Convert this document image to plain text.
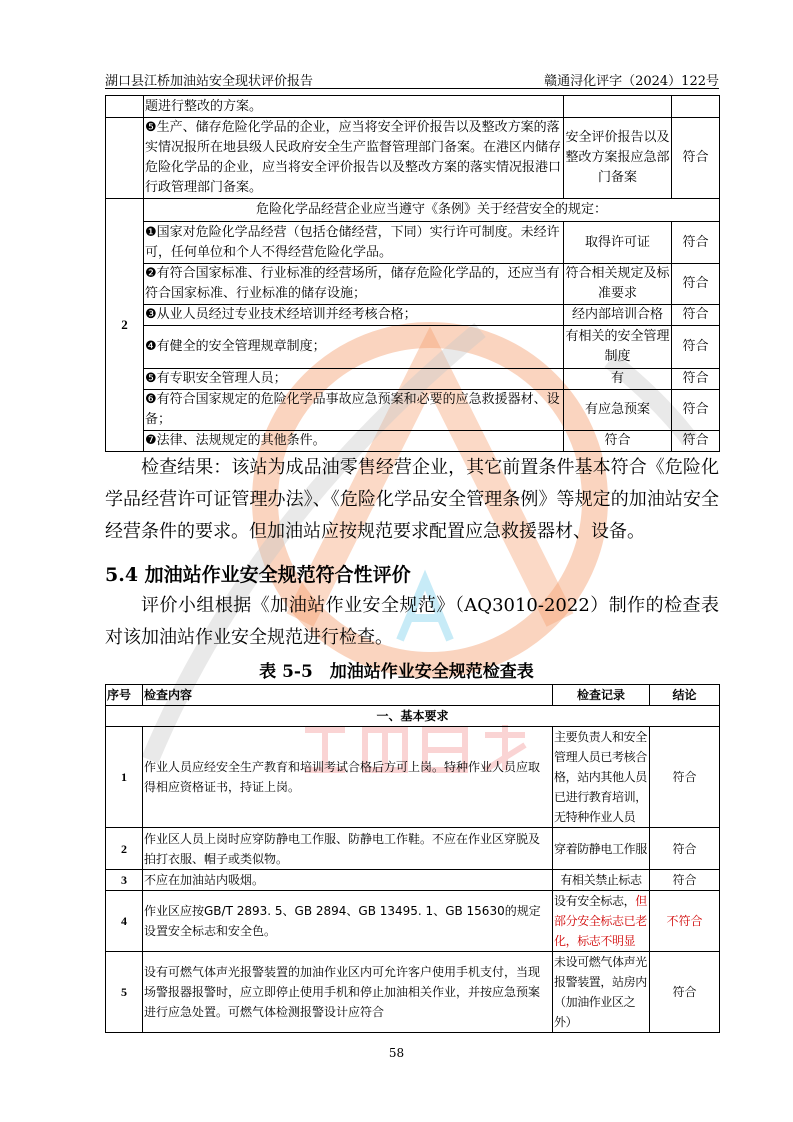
湖口县江桥加油站安全现状评价报告	赣通浔化评字（2024）122号
	题进行整改的方案。		
	❺生产、储存危险化学品的企业，应当将安全评价报告以及整改方案的落实情况报所在地县级人民政府安全生产监督管理部门备案。在港区内储存危险化学品的企业，应当将安全评价报告以及整改方案的落实情况报港口行政管理部门备案。	安全评价报告以及整改方案报应急部门备案	符合
2	危险化学品经营企业应当遵守《条例》关于经营安全的规定：		
	❶国家对危险化学品经营（包括仓储经营，下同）实行许可制度。未经许可，任何单位和个人不得经营危险化学品。	取得许可证	符合
	❷有符合国家标准、行业标准的经营场所，储存危险化学品的，还应当有符合国家标准、行业标准的储存设施；	符合相关规定及标准要求	符合
	❸从业人员经过专业技术经培训并经考核合格；	经内部培训合格	符合
	❹有健全的安全管理规章制度；	有相关的安全管理制度	符合
	❺有专职安全管理人员；	有	符合
	❻有符合国家规定的危险化学品事故应急预案和必要的应急救援器材、设备；	有应急预案	符合
	❼法律、法规规定的其他条件。	符合	符合
检查结果：该站为成品油零售经营企业，其它前置条件基本符合《危险化学品经营许可证管理办法》、《危险化学品安全管理条例》等规定的加油站安全经营条件的要求。但加油站应按规范要求配置应急救援器材、设备。
5.4 加油站作业安全规范符合性评价
评价小组根据《加油站作业安全规范》（AQ3010-2022）制作的检查表对该加油站作业安全规范进行检查。
表 5-5　加油站作业安全规范检查表
序号	检查内容	检查记录	结论
一、基本要求			
1	作业人员应经安全生产教育和培训考试合格后方可上岗。特种作业人员应取得相应资格证书，持证上岗。	主要负责人和安全管理人员已考核合格，站内其他人员已进行教育培训，无特种作业人员	符合
2	作业区人员上岗时应穿防静电工作服、防静电工作鞋。不应在作业区穿脱及拍打衣服、帽子或类似物。	穿着防静电工作服	符合
3	不应在加油站内吸烟。	有相关禁止标志	符合
4	作业区应按GB/T 2893. 5、GB 2894、GB 13495. 1、GB 15630的规定设置安全标志和安全色。	设有安全标志，但部分安全标志已老化，标志不明显	不符合
5	设有可燃气体声光报警装置的加油作业区内可允许客户使用手机支付，当现场警报器报警时，应立即停止使用手机和停止加油相关作业，并按应急预案进行应急处置。可燃气体检测报警设计应符合	未设可燃气体声光报警装置，站房内（加油作业区之外）	符合
58
